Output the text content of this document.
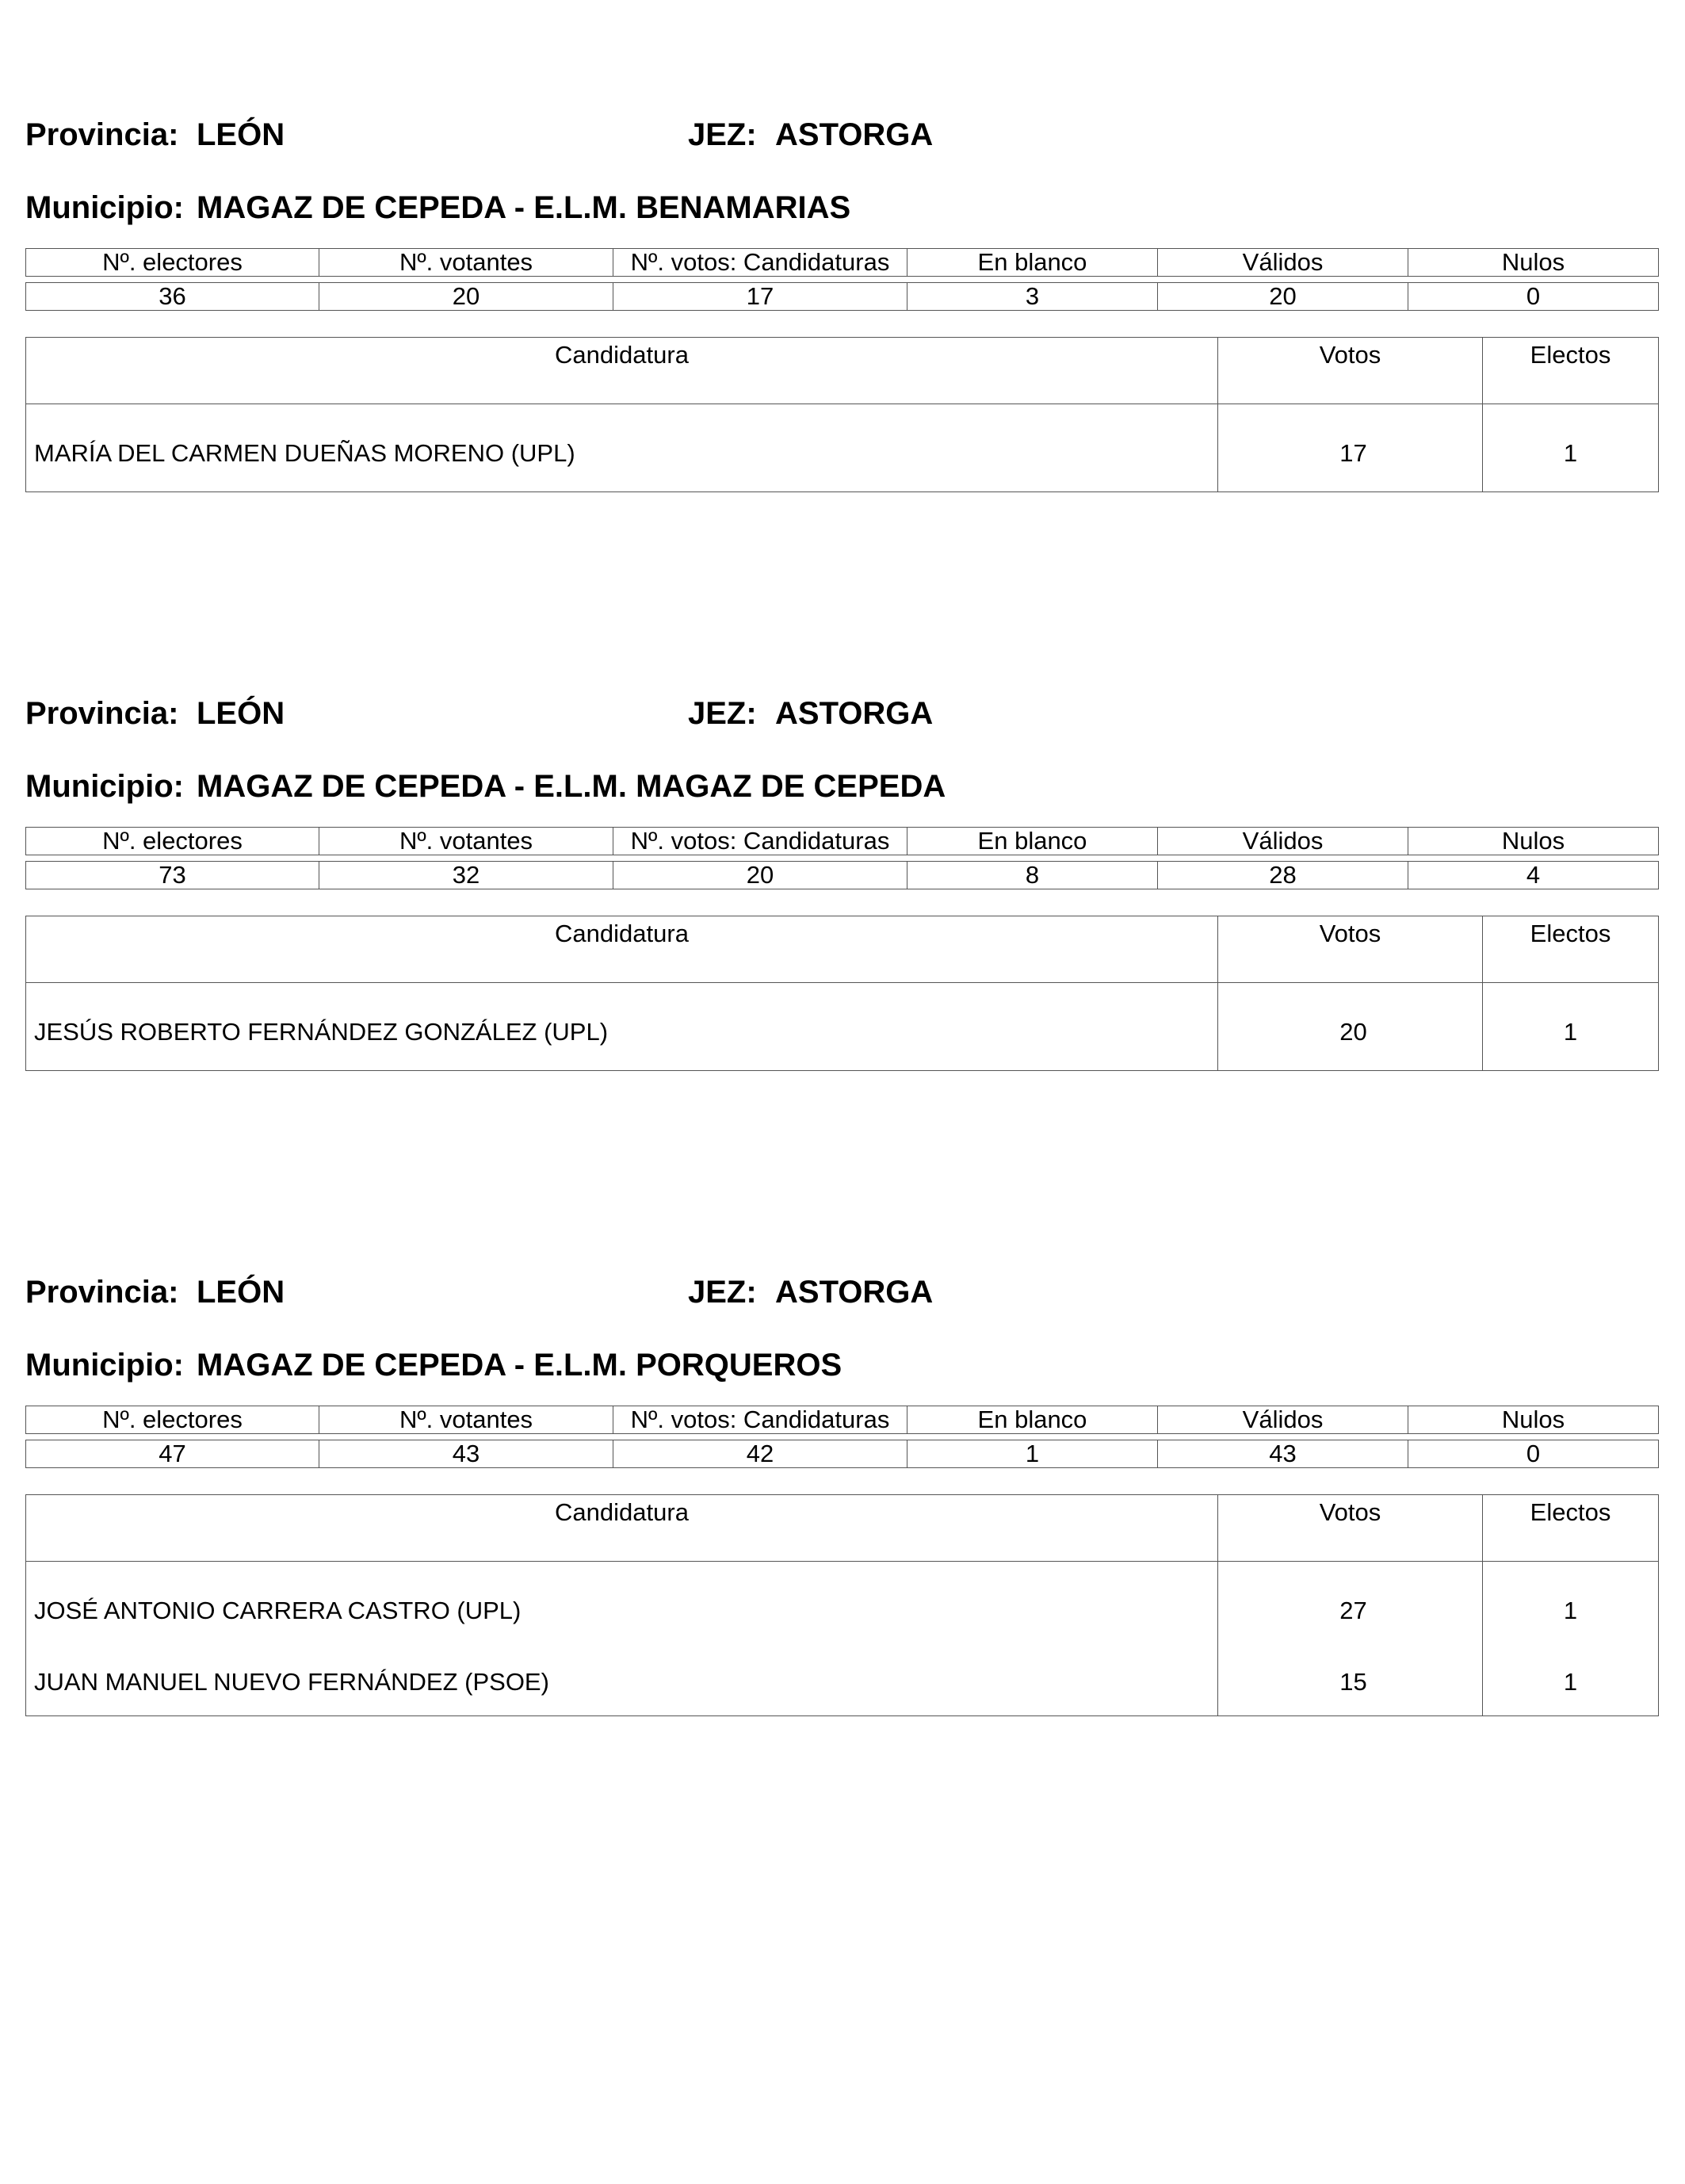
Provincia: LEÓN	JEZ: ASTORGA
Municipio: MAGAZ DE CEPEDA - E.L.M. BENAMARIAS
Nº. electores	Nº. votantes	Nº. votos: Candidaturas	En blanco	Válidos	Nulos

36	20	17	3	20	0
Candidatura	Votos	Electos
MARÍA DEL CARMEN DUEÑAS MORENO (UPL)	17	1
Provincia: LEÓN	JEZ: ASTORGA
Municipio: MAGAZ DE CEPEDA - E.L.M. MAGAZ DE CEPEDA
Nº. electores	Nº. votantes	Nº. votos: Candidaturas	En blanco	Válidos	Nulos

73	32	20	8	28	4
Candidatura	Votos	Electos
JESÚS ROBERTO FERNÁNDEZ GONZÁLEZ (UPL)	20	1
Provincia: LEÓN	JEZ: ASTORGA
Municipio: MAGAZ DE CEPEDA - E.L.M. PORQUEROS
Nº. electores	Nº. votantes	Nº. votos: Candidaturas	En blanco	Válidos	Nulos

47	43	42	1	43	0
Candidatura	Votos	Electos
JOSÉ ANTONIO CARRERA CASTRO (UPL)	27	1
JUAN MANUEL NUEVO FERNÁNDEZ (PSOE)	15	1
